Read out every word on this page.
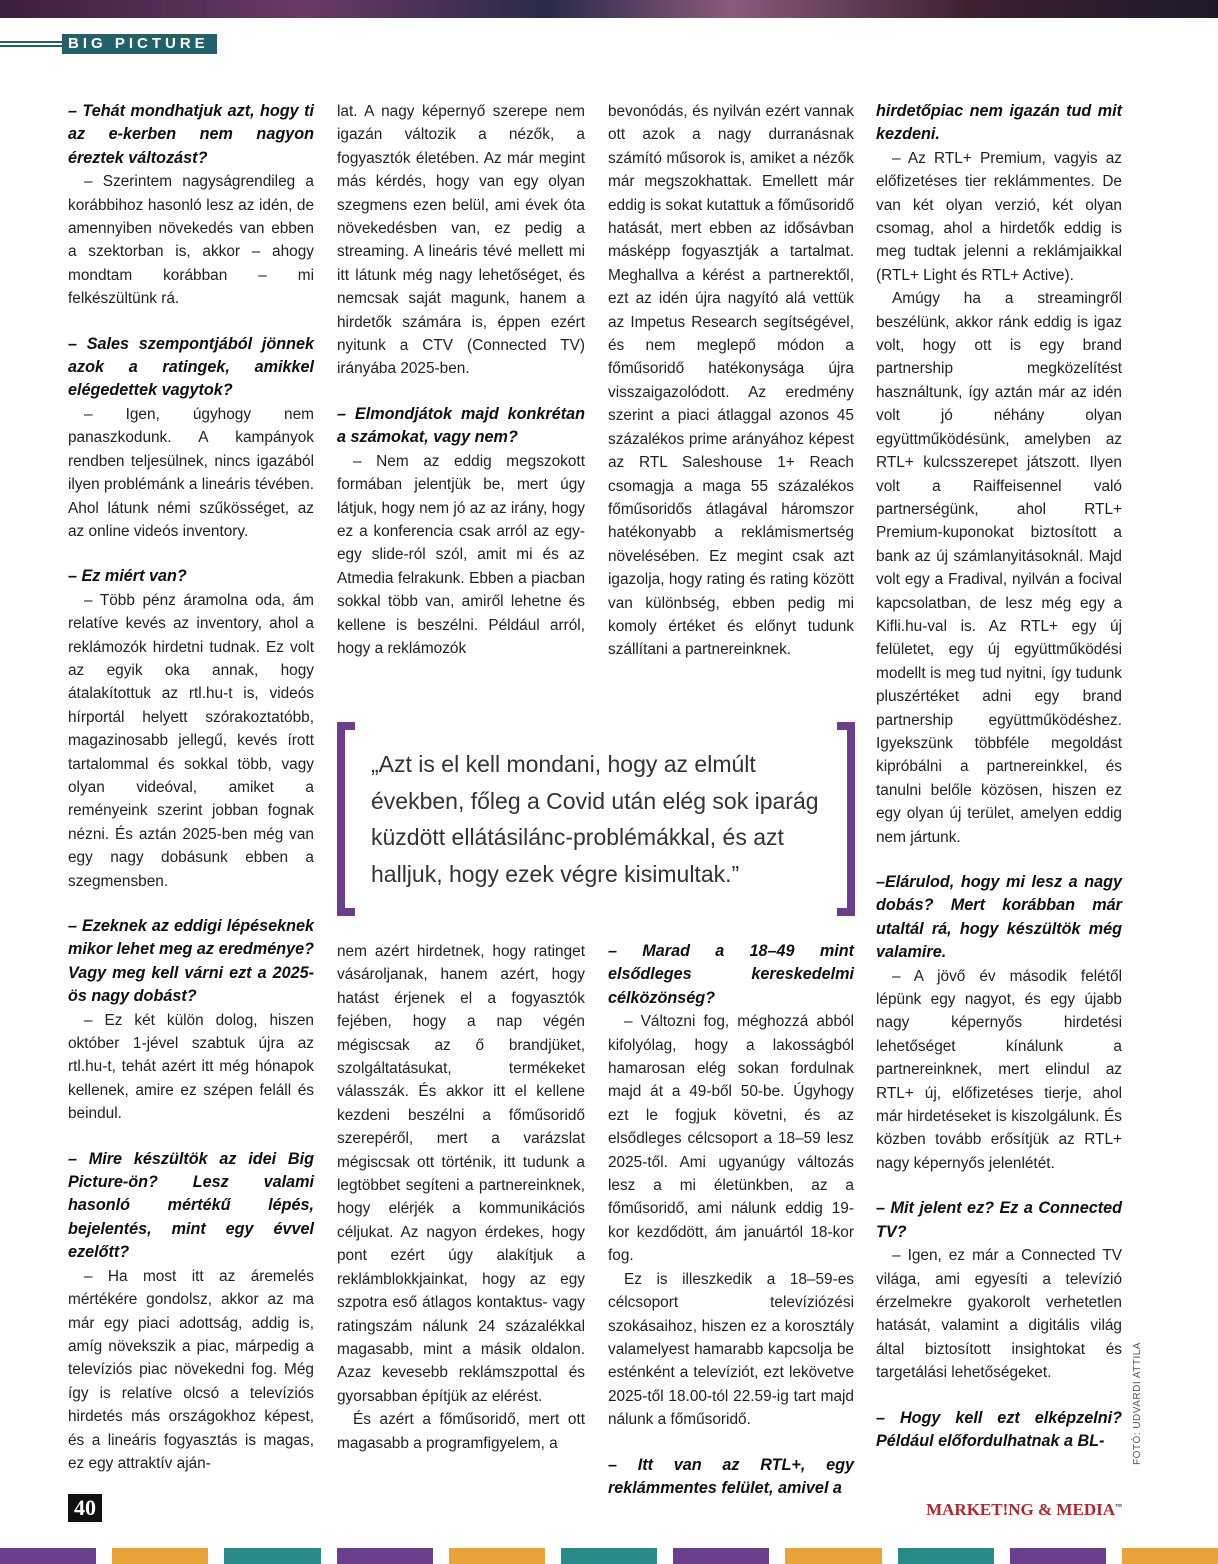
BIG PICTURE

– Tehát mondhatjuk azt, hogy ti az e-kerben nem nagyon éreztek változást?

– Szerintem nagyságrendileg a korábbihoz hasonló lesz az idén, de amennyiben növekedés van ebben a szektorban is, akkor – ahogy mondtam korábban – mi felkészültünk rá.

– Sales szempontjából jönnek azok a ratingek, amikkel elégedettek vagytok?

– Igen, úgyhogy nem panaszkodunk. A kampányok rendben teljesülnek, nincs igazából ilyen problémánk a lineáris tévében. Ahol látunk némi szűkösséget, az az online videós inventory.

– Ez miért van?

– Több pénz áramolna oda, ám relatíve kevés az inventory, ahol a reklámozók hirdetni tudnak. Ez volt az egyik oka annak, hogy átalakítottuk az rtl.hu-t is, videós hírportál helyett szórakoztatóbb, magazinosabb jellegű, kevés írott tartalommal és sokkal több, vagy olyan videóval, amiket a reményeink szerint jobban fognak nézni. És aztán 2025-ben még van egy nagy dobásunk ebben a szegmensben.

– Ezeknek az eddigi lépéseknek mikor lehet meg az eredménye? Vagy meg kell várni ezt a 2025-ös nagy dobást?

– Ez két külön dolog, hiszen október 1-jével szabtuk újra az rtl.hu-t, tehát azért itt még hónapok kellenek, amire ez szépen feláll és beindul.

– Mire készültök az idei Big Picture-ön? Lesz valami hasonló mértékű lépés, bejelentés, mint egy évvel ezelőtt?

– Ha most itt az áremelés mértékére gondolsz, akkor az ma már egy piaci adottság, addig is, amíg növekszik a piac, márpedig a televíziós piac növekedni fog. Még így is relatíve olcsó a televíziós hirdetés más országokhoz képest, és a lineáris fogyasztás is magas, ez egy attraktív aján-

lat. A nagy képernyő szerepe nem igazán változik a nézők, a fogyasztók életében. Az már megint más kérdés, hogy van egy olyan szegmens ezen belül, ami évek óta növekedésben van, ez pedig a streaming. A lineáris tévé mellett mi itt látunk még nagy lehetőséget, és nemcsak saját magunk, hanem a hirdetők számára is, éppen ezért nyitunk a CTV (Connected TV) irányába 2025-ben.

– Elmondjátok majd konkrétan a számokat, vagy nem?

– Nem az eddig megszokott formában jelentjük be, mert úgy látjuk, hogy nem jó az az irány, hogy ez a konferencia csak arról az egy-egy slide-ról szól, amit mi és az Atmedia felrakunk. Ebben a piacban sokkal több van, amiről lehetne és kellene is beszélni. Például arról, hogy a reklámozók

bevonódás, és nyilván ezért vannak ott azok a nagy durranásnak számító műsorok is, amiket a nézők már megszokhattak. Emellett már eddig is sokat kutattuk a főműsoridő hatását, mert ebben az idősávban másképp fogyasztják a tartalmat. Meghallva a kérést a partnerektől, ezt az idén újra nagyító alá vettük az Impetus Research segítségével, és nem meglepő módon a főműsoridő hatékonysága újra visszaigazolódott. Az eredmény szerint a piaci átlaggal azonos 45 százalékos prime arányához képest az RTL Saleshouse 1+ Reach csomagja a maga 55 százalékos főműsoridős átlagával háromszor hatékonyabb a reklámismertség növelésében. Ez megint csak azt igazolja, hogy rating és rating között van különbség, ebben pedig mi komoly értéket és előnyt tudunk szállítani a partnereinknek.

„Azt is el kell mondani, hogy az elmúlt években, főleg a Covid után elég sok iparág küzdött ellátásilánc-problémákkal, és azt halljuk, hogy ezek végre kisimultak.”

nem azért hirdetnek, hogy ratinget vásároljanak, hanem azért, hogy hatást érjenek el a fogyasztók fejében, hogy a nap végén mégiscsak az ő brandjüket, szolgáltatásukat, termékeket válasszák. És akkor itt el kellene kezdeni beszélni a főműsoridő szerepéről, mert a varázslat mégiscsak ott történik, itt tudunk a legtöbbet segíteni a partnereinknek, hogy elérjék a kommunikációs céljukat. Az nagyon érdekes, hogy pont ezért úgy alakítjuk a reklámblokkjainkat, hogy az egy szpotra eső átlagos kontaktus- vagy ratingszám nálunk 24 százalékkal magasabb, mint a másik oldalon. Azaz kevesebb reklámszpottal és gyorsabban építjük az elérést.

És azért a főműsoridő, mert ott magasabb a programfigyelem, a

– Marad a 18–49 mint elsődleges kereskedelmi célközönség?

– Változni fog, méghozzá abból kifolyólag, hogy a lakosságból hamarosan elég sokan fordulnak majd át a 49-ből 50-be. Úgyhogy ezt le fogjuk követni, és az elsődleges célcsoport a 18–59 lesz 2025-től. Ami ugyanúgy változás lesz a mi életünkben, az a főműsoridő, ami nálunk eddig 19-kor kezdődött, ám januártól 18-kor fog.

Ez is illeszkedik a 18–59-es célcsoport televíziózési szokásaihoz, hiszen ez a korosztály valamelyest hamarabb kapcsolja be esténként a televíziót, ezt lekövetve 2025-től 18.00-tól 22.59-ig tart majd nálunk a főműsoridő.

– Itt van az RTL+, egy reklámmentes felület, amivel a

hirdetőpiac nem igazán tud mit kezdeni.

– Az RTL+ Premium, vagyis az előfizetéses tier reklámmentes. De van két olyan verzió, két olyan csomag, ahol a hirdetők eddig is meg tudtak jelenni a reklámjaikkal (RTL+ Light és RTL+ Active).

Amúgy ha a streamingről beszélünk, akkor ránk eddig is igaz volt, hogy ott is egy brand partnership megközelítést használtunk, így aztán már az idén volt jó néhány olyan együttműködésünk, amelyben az RTL+ kulcsszerepet játszott. Ilyen volt a Raiffeisennel való partnerségünk, ahol RTL+ Premium-kuponokat biztosított a bank az új számlanyitásoknál. Majd volt egy a Fradival, nyilván a focival kapcsolatban, de lesz még egy a Kifli.hu-val is. Az RTL+ egy új felületet, egy új együttműködési modellt is meg tud nyitni, így tudunk pluszértéket adni egy brand partnership együttműködéshez. Igyekszünk többféle megoldást kipróbálni a partnereinkkel, és tanulni belőle közösen, hiszen ez egy olyan új terület, amelyen eddig nem jártunk.

–Elárulod, hogy mi lesz a nagy dobás? Mert korábban már utaltál rá, hogy készültök még valamire.

– A jövő év második felétől lépünk egy nagyot, és egy újabb nagy képernyős hirdetési lehetőséget kínálunk a partnereinknek, mert elindul az RTL+ új, előfizetéses tierje, ahol már hirdetéseket is kiszolgálunk. És közben tovább erősítjük az RTL+ nagy képernyős jelenlétét.

– Mit jelent ez? Ez a Connected TV?

– Igen, ez már a Connected TV világa, ami egyesíti a televízió érzelmekre gyakorolt verhetetlen hatását, valamint a digitális világ által biztosított insightokat és targetálási lehetőségeket.

– Hogy kell ezt elképzelni? Például előfordulhatnak a BL-	FOTÓ: UDVARDI ATTILA
40	MARKET!NG & MEDIA™
